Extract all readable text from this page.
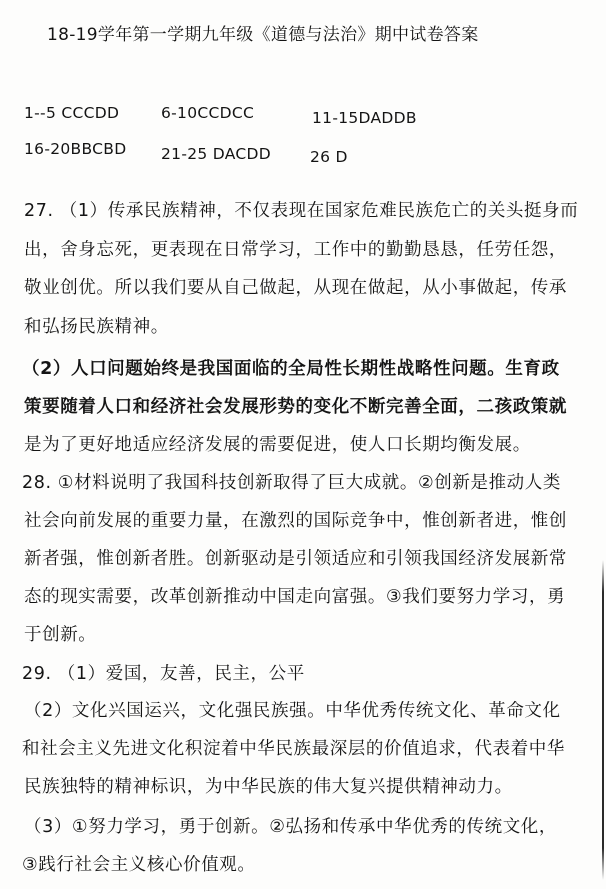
18-19学年第一学期九年级《道德与法治》期中试卷答案
1--5 CCCDD	6-10CCDCC	11-15DADDB
16-20BBCBD 21-25 DACDD	26 D
27. （1）传承民族精神，不仅表现在国家危难民族危亡的关头挺身而
出，舍身忘死，更表现在日常学习，工作中的勤勤恳恳，任劳任怨，
敬业创优。所以我们要从自己做起，从现在做起，从小事做起，传承
和弘扬民族精神。
（2）人口问题始终是我国面临的全局性长期性战略性问题。生育政
策要随着人口和经济社会发展形势的变化不断完善全面，二孩政策就
是为了更好地适应经济发展的需要促进，使人口长期均衡发展。
28. ①材料说明了我国科技创新取得了巨大成就。②创新是推动人类
社会向前发展的重要力量，在激烈的国际竞争中，惟创新者进，惟创
新者强，惟创新者胜。创新驱动是引领适应和引领我国经济发展新常
态的现实需要，改革创新推动中国走向富强。③我们要努力学习，勇
于创新。
29. （1）爱国，友善，民主，公平
（2）文化兴国运兴，文化强民族强。中华优秀传统文化、革命文化
和社会主义先进文化积淀着中华民族最深层的价值追求，代表着中华
民族独特的精神标识，为中华民族的伟大复兴提供精神动力。
（3）①努力学习，勇于创新。②弘扬和传承中华优秀的传统文化，
③践行社会主义核心价值观。
